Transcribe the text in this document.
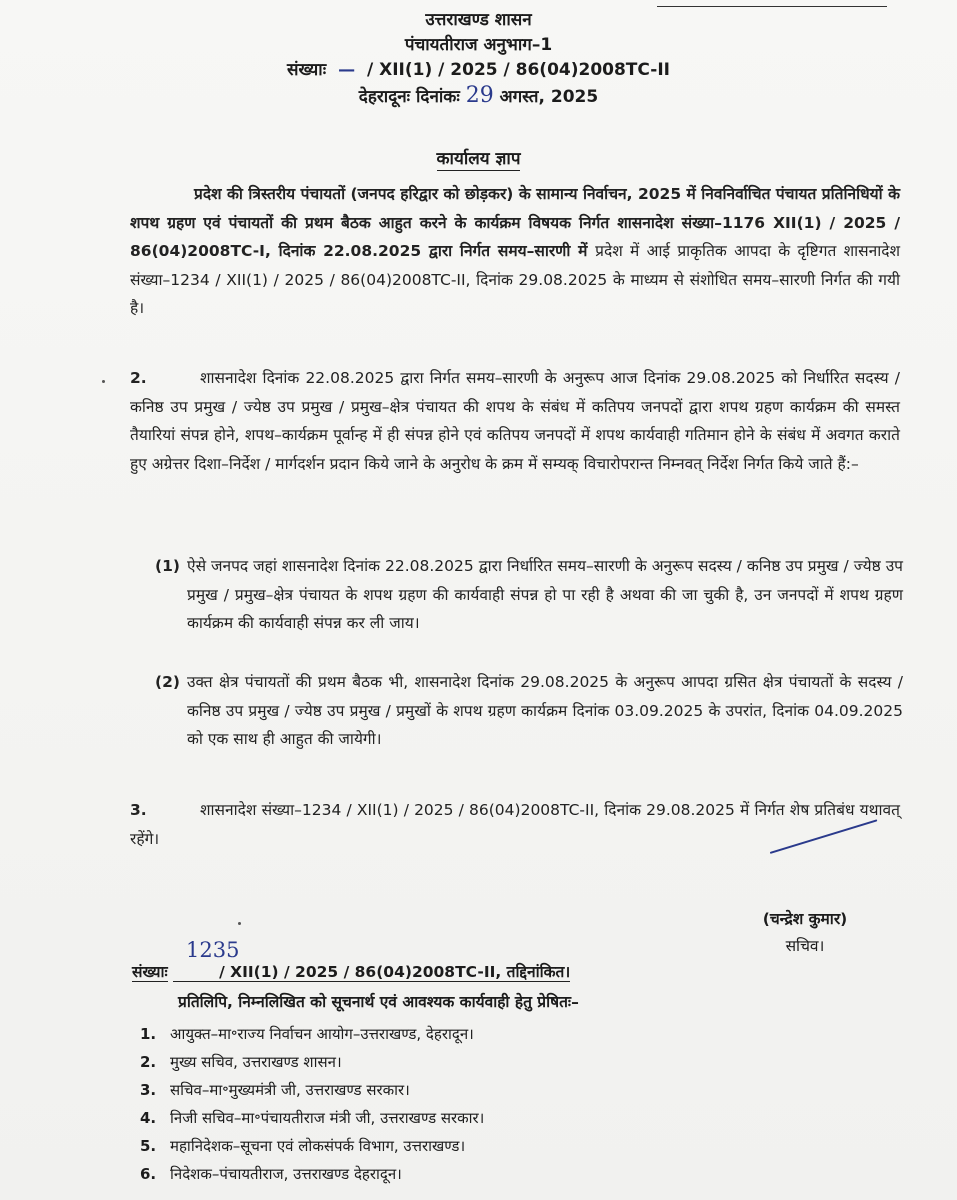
उत्तराखण्ड शासन
पंचायतीराज अनुभाग–1
संख्याः — / XII(1) / 2025 / 86(04)2008TC-II
देहरादूनः दिनांकः 29 अगस्त, 2025
कार्यालय ज्ञाप
प्रदेश की त्रिस्तरीय पंचायतों (जनपद हरिद्वार को छोड़कर) के सामान्य निर्वाचन, 2025 में निवनिर्वाचित पंचायत प्रतिनिधियों के शपथ ग्रहण एवं पंचायतों की प्रथम बैठक आहुत करने के कार्यक्रम विषयक निर्गत शासनादेश संख्या–1176 XII(1) / 2025 / 86(04)2008TC-I, दिनांक 22.08.2025 द्वारा निर्गत समय–सारणी में प्रदेश में आई प्राकृतिक आपदा के दृष्टिगत शासनादेश संख्या–1234 / XII(1) / 2025 / 86(04)2008TC-II, दिनांक 29.08.2025 के माध्यम से संशोधित समय–सारणी निर्गत की गयी है।
2.	शासनादेश दिनांक 22.08.2025 द्वारा निर्गत समय–सारणी के अनुरूप आज दिनांक 29.08.2025 को निर्धारित सदस्य / कनिष्ठ उप प्रमुख / ज्येष्ठ उप प्रमुख / प्रमुख–क्षेत्र पंचायत की शपथ के संबंध में कतिपय जनपदों द्वारा शपथ ग्रहण कार्यक्रम की समस्त तैयारियां संपन्न होने, शपथ–कार्यक्रम पूर्वान्ह में ही संपन्न होने एवं कतिपय जनपदों में शपथ कार्यवाही गतिमान होने के संबंध में अवगत कराते हुए अग्रेत्तर दिशा–निर्देश / मार्गदर्शन प्रदान किये जाने के अनुरोध के क्रम में सम्यक् विचारोपरान्त निम्नवत् निर्देश निर्गत किये जाते हैं:–
(1) ऐसे जनपद जहां शासनादेश दिनांक 22.08.2025 द्वारा निर्धारित समय–सारणी के अनुरूप सदस्य / कनिष्ठ उप प्रमुख / ज्येष्ठ उप प्रमुख / प्रमुख–क्षेत्र पंचायत के शपथ ग्रहण की कार्यवाही संपन्न हो पा रही है अथवा की जा चुकी है, उन जनपदों में शपथ ग्रहण कार्यक्रम की कार्यवाही संपन्न कर ली जाय।
(2) उक्त क्षेत्र पंचायतों की प्रथम बैठक भी, शासनादेश दिनांक 29.08.2025 के अनुरूप आपदा ग्रसित क्षेत्र पंचायतों के सदस्य / कनिष्ठ उप प्रमुख / ज्येष्ठ उप प्रमुख / प्रमुखों के शपथ ग्रहण कार्यक्रम दिनांक 03.09.2025 के उपरांत, दिनांक 04.09.2025 को एक साथ ही आहुत की जायेगी।
3.	शासनादेश संख्या–1234 / XII(1) / 2025 / 86(04)2008TC-II, दिनांक 29.08.2025 में निर्गत शेष प्रतिबंध यथावत् रहेंगे।
(चन्द्रेश कुमार)
सचिव।
1235
संख्याः	/ XII(1) / 2025 / 86(04)2008TC-II, तद्दिनांकित।
प्रतिलिपि, निम्नलिखित को सूचनार्थ एवं आवश्यक कार्यवाही हेतु प्रेषितः–
1. आयुक्त–मा॰राज्य निर्वाचन आयोग–उत्तराखण्ड, देहरादून।
2. मुख्य सचिव, उत्तराखण्ड शासन।
3. सचिव–मा॰मुख्यमंत्री जी, उत्तराखण्ड सरकार।
4. निजी सचिव–मा॰पंचायतीराज मंत्री जी, उत्तराखण्ड सरकार।
5. महानिदेशक–सूचना एवं लोकसंपर्क विभाग, उत्तराखण्ड।
6. निदेशक–पंचायतीराज, उत्तराखण्ड देहरादून।
